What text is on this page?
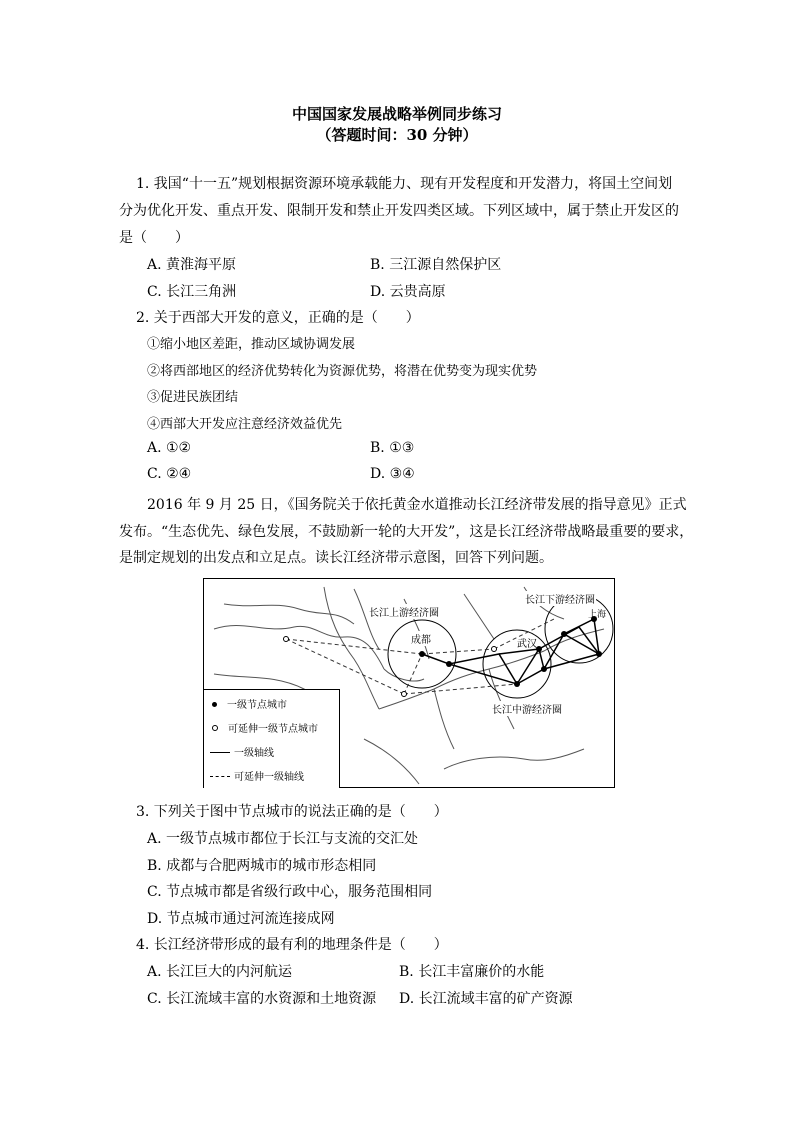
中国国家发展战略举例同步练习
（答题时间：30 分钟）
1. 我国“十一五”规划根据资源环境承载能力、现有开发程度和开发潜力，将国土空间划
分为优化开发、重点开发、限制开发和禁止开发四类区域。下列区域中，属于禁止开发区的
是（　　）
A. 黄淮海平原	B. 三江源自然保护区
C. 长江三角洲	D. 云贵高原
2. 关于西部大开发的意义，正确的是（　　）
①缩小地区差距，推动区域协调发展
②将西部地区的经济优势转化为资源优势，将潜在优势变为现实优势
③促进民族团结
④西部大开发应注意经济效益优先
A. ①②	B. ①③
C. ②④	D. ③④
2016 年 9 月 25 日，《国务院关于依托黄金水道推动长江经济带发展的指导意见》正式
发布。“生态优先、绿色发展，不鼓励新一轮的大开发”，这是长江经济带战略最重要的要求，
是制定规划的出发点和立足点。读长江经济带示意图，回答下列问题。
长江上游经济圈
长江下游经济圈
长江中游经济圈
成都	武汉
上海
一级节点城市
可延伸一级节点城市
一级轴线
可延伸一级轴线
3. 下列关于图中节点城市的说法正确的是（　　）
A. 一级节点城市都位于长江与支流的交汇处
B. 成都与合肥两城市的城市形态相同
C. 节点城市都是省级行政中心，服务范围相同
D. 节点城市通过河流连接成网
4. 长江经济带形成的最有利的地理条件是（　　）
A. 长江巨大的内河航运	B. 长江丰富廉价的水能
C. 长江流域丰富的水资源和土地资源 D. 长江流域丰富的矿产资源
